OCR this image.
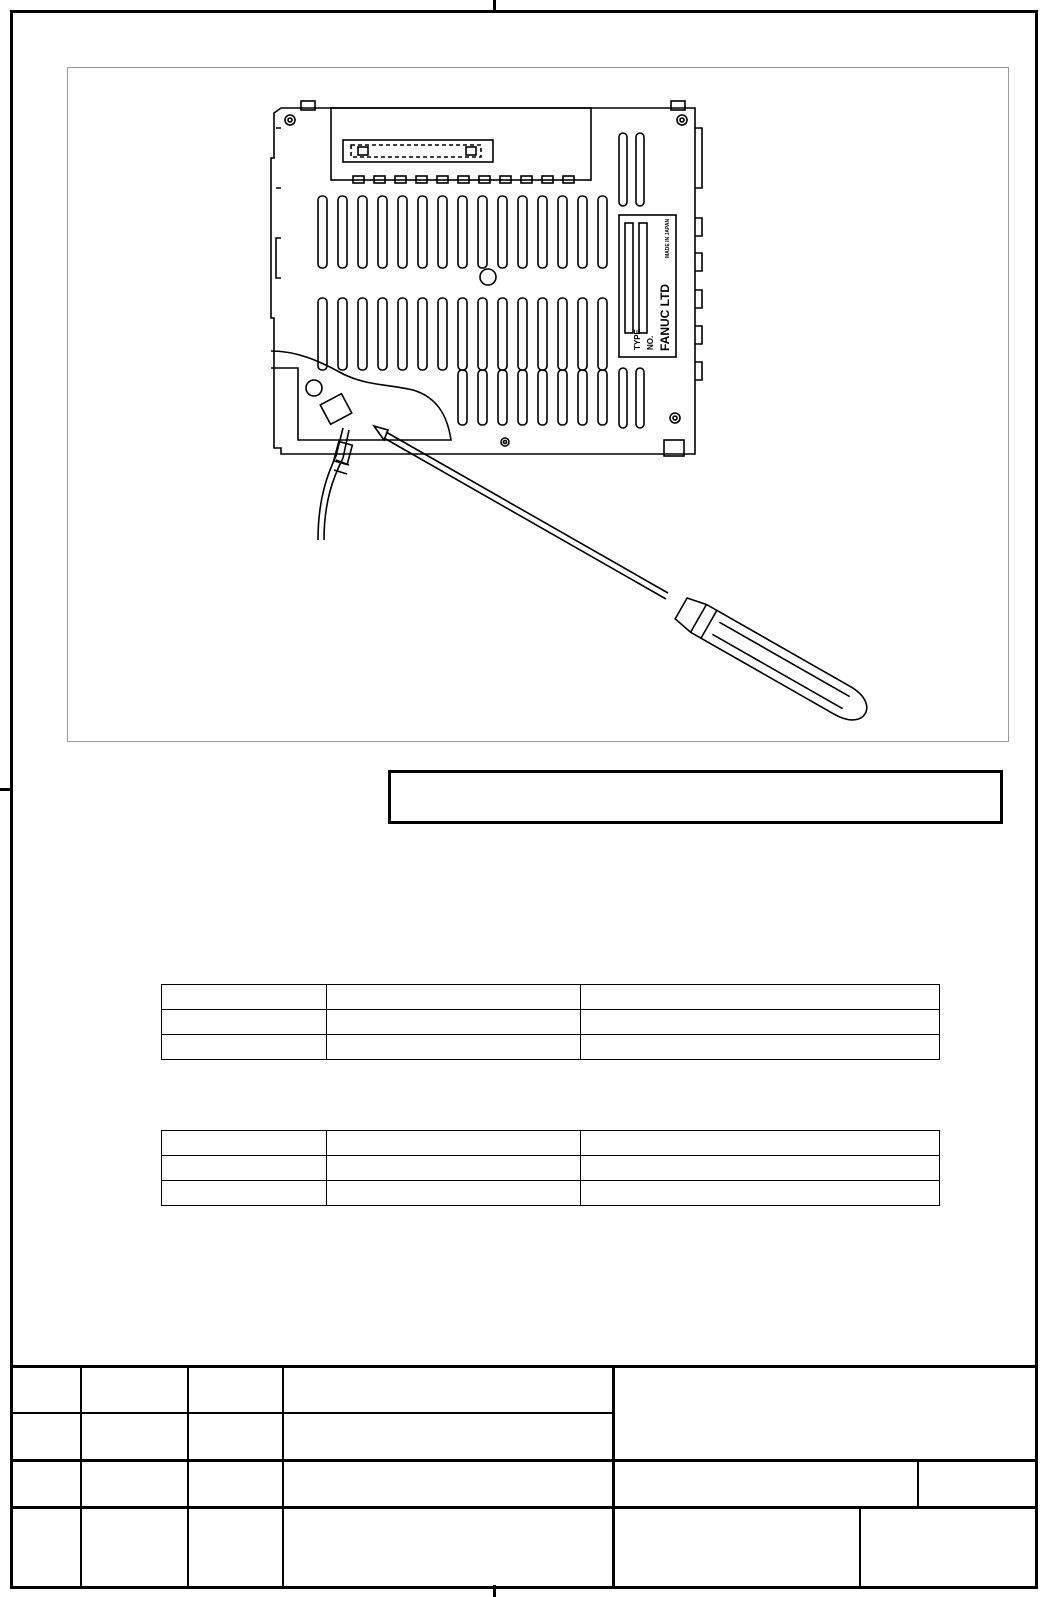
TYPE NO. FANUC LTD
MADE IN JAPAN
